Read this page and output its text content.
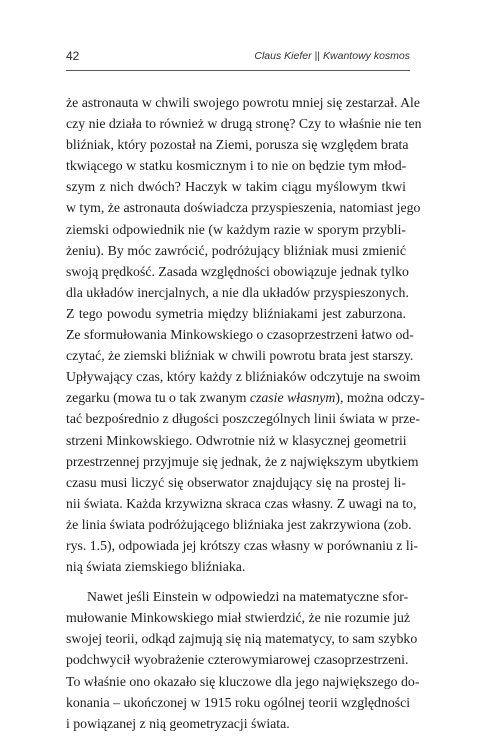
42	Claus Kiefer || Kwantowy kosmos
że astronauta w chwili swojego powrotu mniej się zestarzał. Ale
czy nie działa to również w drugą stronę? Czy to właśnie nie ten
bliźniak, który pozostał na Ziemi, porusza się względem brata
tkwiącego w statku kosmicznym i to nie on będzie tym młod-
szym z nich dwóch? Haczyk w takim ciągu myślowym tkwi
w tym, że astronauta doświadcza przyspieszenia, natomiast jego
ziemski odpowiednik nie (w każdym razie w sporym przybli-
żeniu). By móc zawrócić, podróżujący bliźniak musi zmienić
swoją prędkość. Zasada względności obowiązuje jednak tylko
dla układów inercjalnych, a nie dla układów przyspieszonych.
Z tego powodu symetria między bliźniakami jest zaburzona.
Ze sformułowania Minkowskiego o czasoprzestrzeni łatwo od-
czytać, że ziemski bliźniak w chwili powrotu brata jest starszy.
Upływający czas, który każdy z bliźniaków odczytuje na swoim
zegarku (mowa tu o tak zwanym czasie własnym), można odczy-
tać bezpośrednio z długości poszczególnych linii świata w prze-
strzeni Minkowskiego. Odwrotnie niż w klasycznej geometrii
przestrzennej przyjmuje się jednak, że z największym ubytkiem
czasu musi liczyć się obserwator znajdujący się na prostej li-
nii świata. Każda krzywizna skraca czas własny. Z uwagi na to,
że linia świata podróżującego bliźniaka jest zakrzywiona (zob.
rys. 1.5), odpowiada jej krótszy czas własny w porównaniu z li-
nią świata ziemskiego bliźniaka.
Nawet jeśli Einstein w odpowiedzi na matematyczne sfor-
mułowanie Minkowskiego miał stwierdzić, że nie rozumie już
swojej teorii, odkąd zajmują się nią matematycy, to sam szybko
podchwycił wyobrażenie czterowymiarowej czasoprzestrzeni.
To właśnie ono okazało się kluczowe dla jego największego do-
konania – ukończonej w 1915 roku ogólnej teorii względności
i powiązanej z nią geometryzacji świata.
